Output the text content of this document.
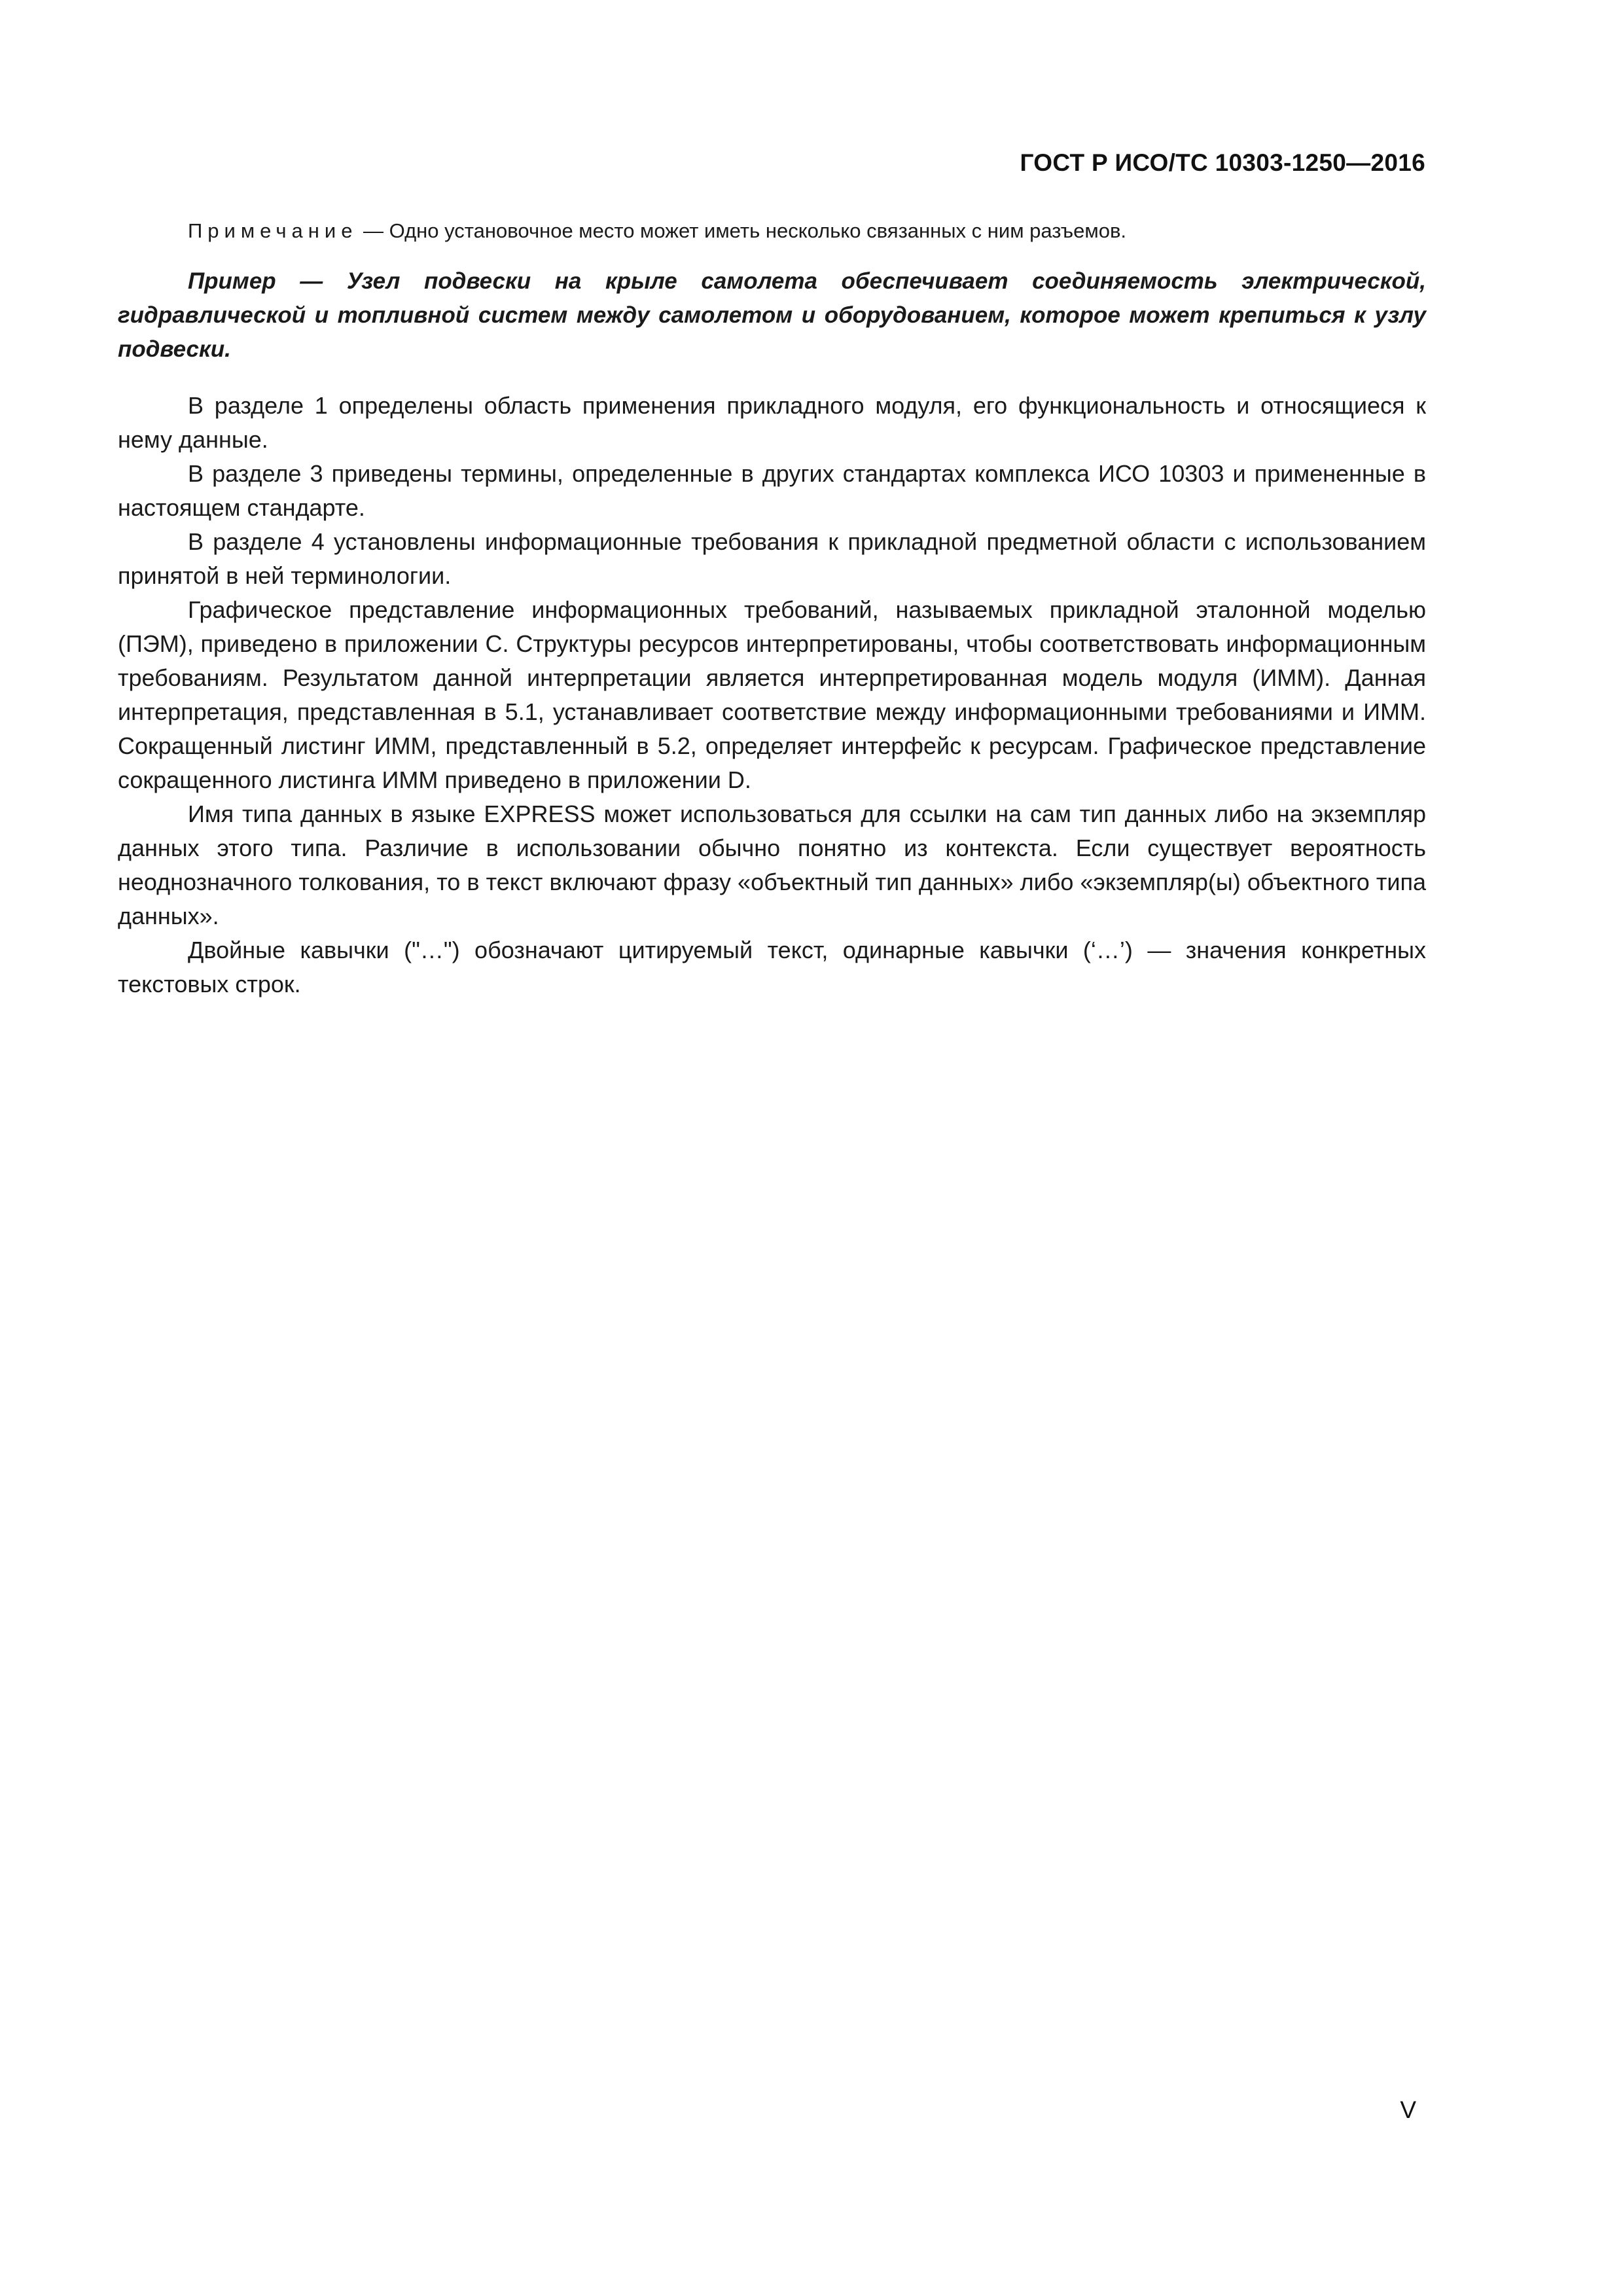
ГОСТ Р ИСО/ТС 10303-1250—2016

Примечание — Одно установочное место может иметь несколько связанных с ним разъемов.

Пример — Узел подвески на крыле самолета обеспечивает соединяемость электрической, гидравлической и топливной систем между самолетом и оборудованием, которое может крепиться к узлу подвески.

В разделе 1 определены область применения прикладного модуля, его функциональность и относящиеся к нему данные.

В разделе 3 приведены термины, определенные в других стандартах комплекса ИСО 10303 и примененные в настоящем стандарте.

В разделе 4 установлены информационные требования к прикладной предметной области с использованием принятой в ней терминологии.

Графическое представление информационных требований, называемых прикладной эталонной моделью (ПЭМ), приведено в приложении С. Структуры ресурсов интерпретированы, чтобы соответствовать информационным требованиям. Результатом данной интерпретации является интерпретированная модель модуля (ИММ). Данная интерпретация, представленная в 5.1, устанавливает соответствие между информационными требованиями и ИММ. Сокращенный листинг ИММ, представленный в 5.2, определяет интерфейс к ресурсам. Графическое представление сокращенного листинга ИММ приведено в приложении D.

Имя типа данных в языке EXPRESS может использоваться для ссылки на сам тип данных либо на экземпляр данных этого типа. Различие в использовании обычно понятно из контекста. Если существует вероятность неоднозначного толкования, то в текст включают фразу «объектный тип данных» либо «экземпляр(ы) объектного типа данных».

Двойные кавычки ("…") обозначают цитируемый текст, одинарные кавычки (‘…’) — значения конкретных текстовых строк.

V
